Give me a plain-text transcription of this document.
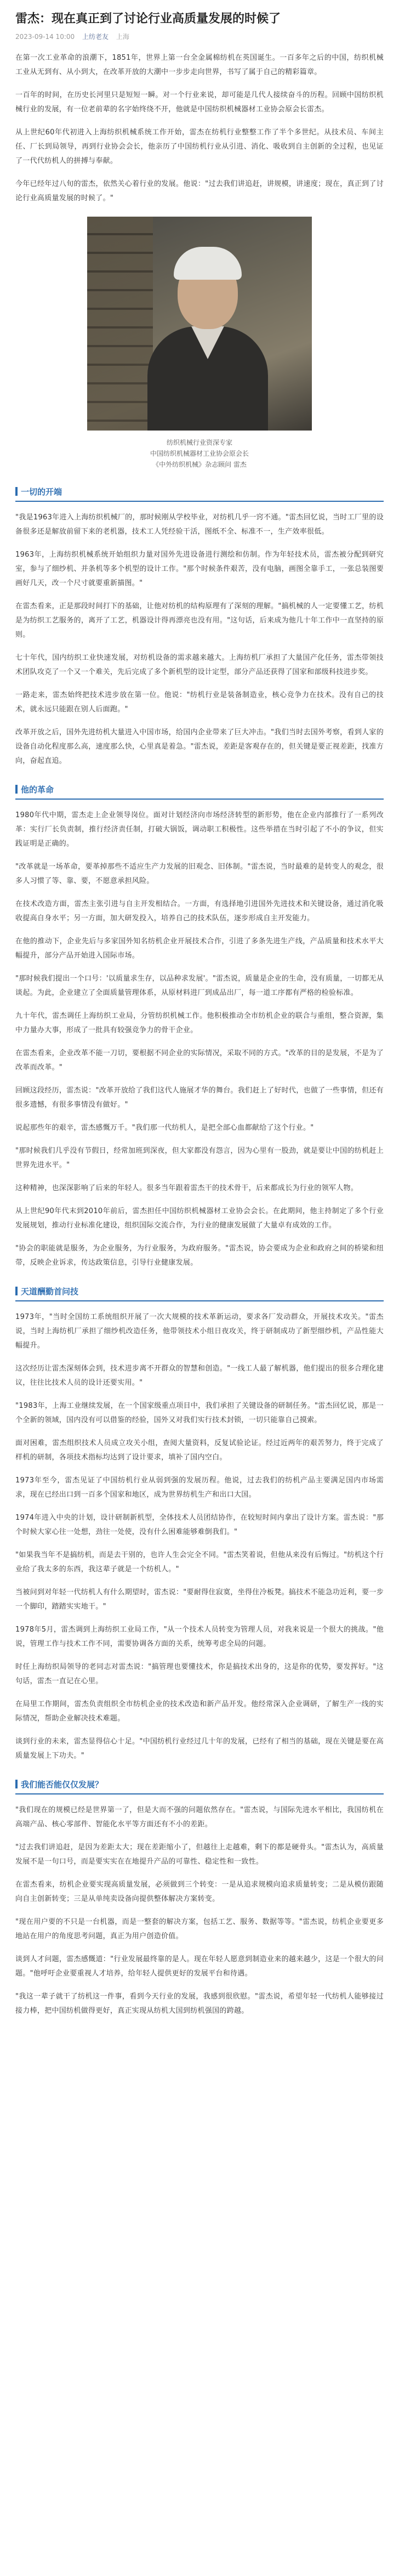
雷杰：现在真正到了讨论行业高质量发展的时候了
2023-09-14 10:00 上纺老友 上海

在第一次工业革命的浪潮下，1851年，世界上第一台全金属棉纺机在英国诞生。一百多年之后的中国，纺织机械工业从无到有、从小到大，在改革开放的大潮中一步步走向世界，书写了属于自己的精彩篇章。

一百年的时间，在历史长河里只是短短一瞬。对一个行业来说，却可能是几代人接续奋斗的历程。回顾中国纺织机械行业的发展，有一位老前辈的名字始终绕不开，他就是中国纺织机械器材工业协会原会长雷杰。

从上世纪60年代初进入上海纺织机械系统工作开始，雷杰在纺机行业整整工作了半个多世纪。从技术员、车间主任、厂长到局领导，再到行业协会会长，他亲历了中国纺机行业从引进、消化、吸收到自主创新的全过程，也见证了一代代纺机人的拼搏与奉献。

今年已经年过八旬的雷杰，依然关心着行业的发展。他说："过去我们讲追赶，讲规模，讲速度；现在，真正到了讨论行业高质量发展的时候了。"

纺织机械行业资深专家
中国纺织机械器材工业协会原会长
《中外纺织机械》杂志顾问 雷杰
一切的开端

"我是1963年进入上海纺织机械厂的，那时候刚从学校毕业，对纺机几乎一窍不通。"雷杰回忆说，当时工厂里的设备很多还是解放前留下来的老机器，技术工人凭经验干活，图纸不全、标准不一，生产效率很低。

1963年，上海纺织机械系统开始组织力量对国外先进设备进行测绘和仿制。作为年轻技术员，雷杰被分配到研究室，参与了细纱机、并条机等多个机型的设计工作。"那个时候条件艰苦，没有电脑，画图全靠手工，一张总装图要画好几天，改一个尺寸就要重新描图。"

在雷杰看来，正是那段时间打下的基础，让他对纺机的结构原理有了深刻的理解。"搞机械的人一定要懂工艺，纺机是为纺织工艺服务的，离开了工艺，机器设计得再漂亮也没有用。"这句话，后来成为他几十年工作中一直坚持的原则。

七十年代，国内纺织工业快速发展，对纺机设备的需求越来越大。上海纺机厂承担了大量国产化任务，雷杰带领技术团队攻克了一个又一个难关，先后完成了多个新机型的设计定型，部分产品还获得了国家和部级科技进步奖。

一路走来，雷杰始终把技术进步放在第一位。他说："纺机行业是装备制造业，核心竞争力在技术。没有自己的技术，就永远只能跟在别人后面跑。"

改革开放之后，国外先进纺机大量进入中国市场，给国内企业带来了巨大冲击。"我们当时去国外考察，看到人家的设备自动化程度那么高，速度那么快，心里真是着急。"雷杰说，差距是客观存在的，但关键是要正视差距，找准方向，奋起直追。

他的革命

1980年代中期，雷杰走上企业领导岗位。面对计划经济向市场经济转型的新形势，他在企业内部推行了一系列改革：实行厂长负责制，推行经济责任制，打破大锅饭，调动职工积极性。这些举措在当时引起了不小的争议，但实践证明是正确的。

"改革就是一场革命，要革掉那些不适应生产力发展的旧观念、旧体制。"雷杰说，当时最难的是转变人的观念，很多人习惯了等、靠、要，不愿意承担风险。

在技术改造方面，雷杰主张引进与自主开发相结合。一方面，有选择地引进国外先进技术和关键设备，通过消化吸收提高自身水平；另一方面，加大研发投入，培养自己的技术队伍，逐步形成自主开发能力。

在他的推动下，企业先后与多家国外知名纺机企业开展技术合作，引进了多条先进生产线，产品质量和技术水平大幅提升，部分产品开始进入国际市场。

"那时候我们提出一个口号：'以质量求生存，以品种求发展'。"雷杰说，质量是企业的生命，没有质量，一切都无从谈起。为此，企业建立了全面质量管理体系，从原材料进厂到成品出厂，每一道工序都有严格的检验标准。

九十年代，雷杰调任上海纺织工业局，分管纺织机械工作。他积极推动全市纺机企业的联合与重组，整合资源，集中力量办大事，形成了一批具有较强竞争力的骨干企业。

在雷杰看来，企业改革不能一刀切，要根据不同企业的实际情况，采取不同的方式。"改革的目的是发展，不是为了改革而改革。"

回顾这段经历，雷杰说："改革开放给了我们这代人施展才华的舞台。我们赶上了好时代，也做了一些事情，但还有很多遗憾，有很多事情没有做好。"

说起那些年的艰辛，雷杰感慨万千。"我们那一代纺机人，是把全部心血都献给了这个行业。"

"那时候我们几乎没有节假日，经常加班到深夜，但大家都没有怨言，因为心里有一股劲，就是要让中国的纺机赶上世界先进水平。"

这种精神，也深深影响了后来的年轻人。很多当年跟着雷杰干的技术骨干，后来都成长为行业的领军人物。

从上世纪90年代末到2010年前后，雷杰担任中国纺织机械器材工业协会会长。在此期间，他主持制定了多个行业发展规划，推动行业标准化建设，组织国际交流合作，为行业的健康发展做了大量卓有成效的工作。

"协会的职能就是服务，为企业服务，为行业服务，为政府服务。"雷杰说，协会要成为企业和政府之间的桥梁和纽带，反映企业诉求，传达政策信息，引导行业健康发展。

天道酬勤首问技

1973年，"当时全国纺工系统组织开展了一次大规模的技术革新运动，要求各厂发动群众，开展技术攻关。"雷杰说，当时上海纺机厂承担了细纱机改造任务，他带领技术小组日夜攻关，终于研制成功了新型细纱机，产品性能大幅提升。

这次经历让雷杰深刻体会到，技术进步离不开群众的智慧和创造。"一线工人最了解机器，他们提出的很多合理化建议，往往比技术人员的设计还要实用。"

"1983年，上海工业继续发展，在一个国家级重点项目中，我们承担了关键设备的研制任务。"雷杰回忆说，那是一个全新的领域，国内没有可以借鉴的经验，国外又对我们实行技术封锁，一切只能靠自己摸索。

面对困难，雷杰组织技术人员成立攻关小组，查阅大量资料，反复试验论证。经过近两年的艰苦努力，终于完成了样机的研制，各项技术指标均达到了设计要求，填补了国内空白。

1973年至今，雷杰见证了中国纺机行业从弱到强的发展历程。他说，过去我们的纺机产品主要满足国内市场需求，现在已经出口到一百多个国家和地区，成为世界纺机生产和出口大国。

1974年进入中央的计划，设计研制新机型，全体技术人员团结协作，在较短时间内拿出了设计方案。雷杰说："那个时候大家心往一处想，劲往一处使，没有什么困难能够难倒我们。"

"如果我当年不是搞纺机，而是去干别的，也许人生会完全不同。"雷杰笑着说，但他从来没有后悔过。"纺机这个行业给了我太多的东西，我这辈子就是一个纺机人。"

当被问到对年轻一代纺机人有什么期望时，雷杰说："要耐得住寂寞，坐得住冷板凳。搞技术不能急功近利，要一步一个脚印，踏踏实实地干。"

1978年5月，雷杰调到上海纺织工业局工作，"从一个技术人员转变为管理人员，对我来说是一个很大的挑战。"他说，管理工作与技术工作不同，需要协调各方面的关系，统筹考虑全局的问题。

时任上海纺织局领导的老同志对雷杰说："搞管理也要懂技术，你是搞技术出身的，这是你的优势，要发挥好。"这句话，雷杰一直记在心里。

在局里工作期间，雷杰负责组织全市纺机企业的技术改造和新产品开发。他经常深入企业调研，了解生产一线的实际情况，帮助企业解决技术难题。

谈到行业的未来，雷杰显得信心十足。"中国纺机行业经过几十年的发展，已经有了相当的基础，现在关键是要在高质量发展上下功夫。"

我们能否能仅仅发展？

"我们现在的规模已经是世界第一了，但是大而不强的问题依然存在。"雷杰说，与国际先进水平相比，我国纺机在高端产品、核心零部件、智能化水平等方面还有不小的差距。

"过去我们讲追赶，是因为差距太大；现在差距缩小了，但越往上走越难，剩下的都是硬骨头。"雷杰认为，高质量发展不是一句口号，而是要实实在在地提升产品的可靠性、稳定性和一致性。

在雷杰看来，纺机企业要实现高质量发展，必须做到三个转变：一是从追求规模向追求质量转变；二是从模仿跟随向自主创新转变；三是从单纯卖设备向提供整体解决方案转变。

"现在用户要的不只是一台机器，而是一整套的解决方案，包括工艺、服务、数据等等。"雷杰说，纺机企业要更多地站在用户的角度思考问题，真正为用户创造价值。

谈到人才问题，雷杰感慨道："行业发展最终靠的是人。现在年轻人愿意到制造业来的越来越少，这是一个很大的问题。"他呼吁企业要重视人才培养，给年轻人提供更好的发展平台和待遇。

"我这一辈子就干了纺机这一件事，看到今天行业的发展，我感到很欣慰。"雷杰说，希望年轻一代纺机人能够接过接力棒，把中国纺机做得更好，真正实现从纺机大国到纺机强国的跨越。
